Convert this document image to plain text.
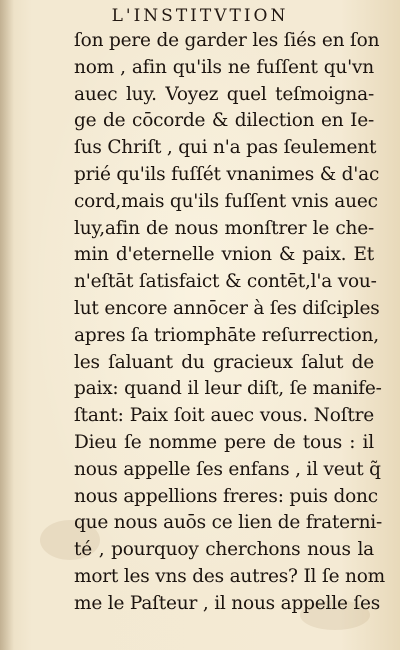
L'INSTITVTION
ſon pere de garder les ſiés en ſon
nom , afin qu'ils ne fuſſent qu'vn
auec luy. Voyez quel teſmoigna-
ge de cōcorde & dilection en Ie-
ſus Chriſt , qui n'a pas ſeulement
prié qu'ils fuſſét vnanimes & d'ac
cord,mais qu'ils fuſſent vnis auec
luy,afin de nous monſtrer le che-
min d'eternelle vnion & paix. Et
n'eſtāt ſatisfaict & contēt,l'a vou-
lut encore annōcer à ſes diſciples
apres ſa triomphāte reſurrection,
les ſaluant du gracieux ſalut de
paix: quand il leur diſt, ſe manife-
ſtant: Paix ſoit auec vous. Noſtre
Dieu ſe nomme pere de tous : il
nous appelle ſes enfans , il veut q̃
nous appellions freres: puis donc
que nous auōs ce lien de fraterni-
té , pourquoy cherchons nous la
mort les vns des autres? Il ſe nom
me le Paſteur , il nous appelle ſes
